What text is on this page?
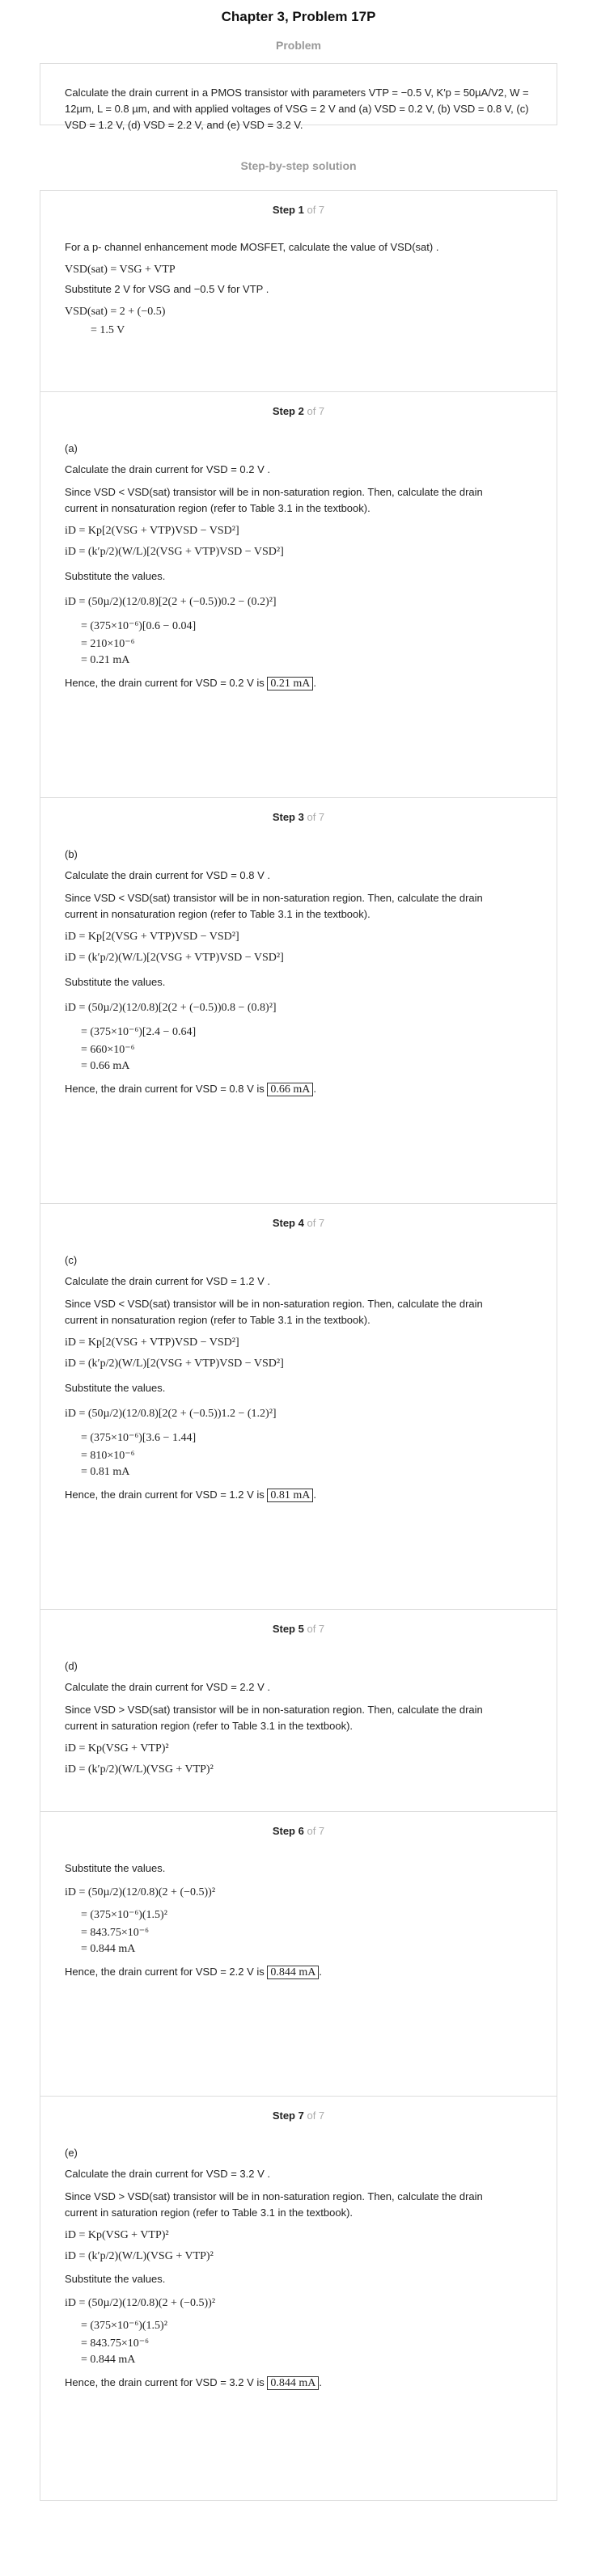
Chapter 3, Problem 17P
Problem
Calculate the drain current in a PMOS transistor with parameters VTP = −0.5 V, K′p = 50µA/V2, W = 12µm, L = 0.8 µm, and with applied voltages of VSG = 2 V and (a) VSD = 0.2 V, (b) VSD = 0.8 V, (c) VSD = 1.2 V, (d) VSD = 2.2 V, and (e) VSD = 3.2 V.
Step-by-step solution
Step 1 of 7
For a p- channel enhancement mode MOSFET, calculate the value of VSD(sat) .
VSD(sat) = VSG + VTP
Substitute 2 V for VSG and −0.5 V for VTP .
VSD(sat) = 2 + (−0.5)
= 1.5 V
Step 2 of 7
(a)
Calculate the drain current for VSD = 0.2 V .
Since VSD < VSD(sat) transistor will be in non-saturation region. Then, calculate the drain
current in nonsaturation region (refer to Table 3.1 in the textbook).
iD = Kp[2(VSG + VTP)VSD − VSD²]
iD = (k′p/2)(W/L)[2(VSG + VTP)VSD − VSD²]
Substitute the values.
iD = (50µ/2)(12/0.8)[2(2 + (−0.5))0.2 − (0.2)²]
= (375×10⁻⁶)[0.6 − 0.04]
= 210×10⁻⁶
= 0.21 mA
Hence, the drain current for VSD = 0.2 V is 0.21 mA .
Step 3 of 7
(b)
Calculate the drain current for VSD = 0.8 V .
Since VSD < VSD(sat) transistor will be in non-saturation region. Then, calculate the drain
current in nonsaturation region (refer to Table 3.1 in the textbook).
iD = Kp[2(VSG + VTP)VSD − VSD²]
iD = (k′p/2)(W/L)[2(VSG + VTP)VSD − VSD²]
Substitute the values.
iD = (50µ/2)(12/0.8)[2(2 + (−0.5))0.8 − (0.8)²]
= (375×10⁻⁶)[2.4 − 0.64]
= 660×10⁻⁶
= 0.66 mA
Hence, the drain current for VSD = 0.8 V is 0.66 mA .
Step 4 of 7
(c)
Calculate the drain current for VSD = 1.2 V .
Since VSD < VSD(sat) transistor will be in non-saturation region. Then, calculate the drain
current in nonsaturation region (refer to Table 3.1 in the textbook).
iD = Kp[2(VSG + VTP)VSD − VSD²]
iD = (k′p/2)(W/L)[2(VSG + VTP)VSD − VSD²]
Substitute the values.
iD = (50µ/2)(12/0.8)[2(2 + (−0.5))1.2 − (1.2)²]
= (375×10⁻⁶)[3.6 − 1.44]
= 810×10⁻⁶
= 0.81 mA
Hence, the drain current for VSD = 1.2 V is 0.81 mA .
Step 5 of 7
(d)
Calculate the drain current for VSD = 2.2 V .
Since VSD > VSD(sat) transistor will be in non-saturation region. Then, calculate the drain
current in saturation region (refer to Table 3.1 in the textbook).
iD = Kp(VSG + VTP)²
iD = (k′p/2)(W/L)(VSG + VTP)²
Step 6 of 7
Substitute the values.
iD = (50µ/2)(12/0.8)(2 + (−0.5))²
= (375×10⁻⁶)(1.5)²
= 843.75×10⁻⁶
= 0.844 mA
Hence, the drain current for VSD = 2.2 V is 0.844 mA .
Step 7 of 7
(e)
Calculate the drain current for VSD = 3.2 V .
Since VSD > VSD(sat) transistor will be in non-saturation region. Then, calculate the drain
current in saturation region (refer to Table 3.1 in the textbook).
iD = Kp(VSG + VTP)²
iD = (k′p/2)(W/L)(VSG + VTP)²
Substitute the values.
iD = (50µ/2)(12/0.8)(2 + (−0.5))²
= (375×10⁻⁶)(1.5)²
= 843.75×10⁻⁶
= 0.844 mA
Hence, the drain current for VSD = 3.2 V is 0.844 mA .
